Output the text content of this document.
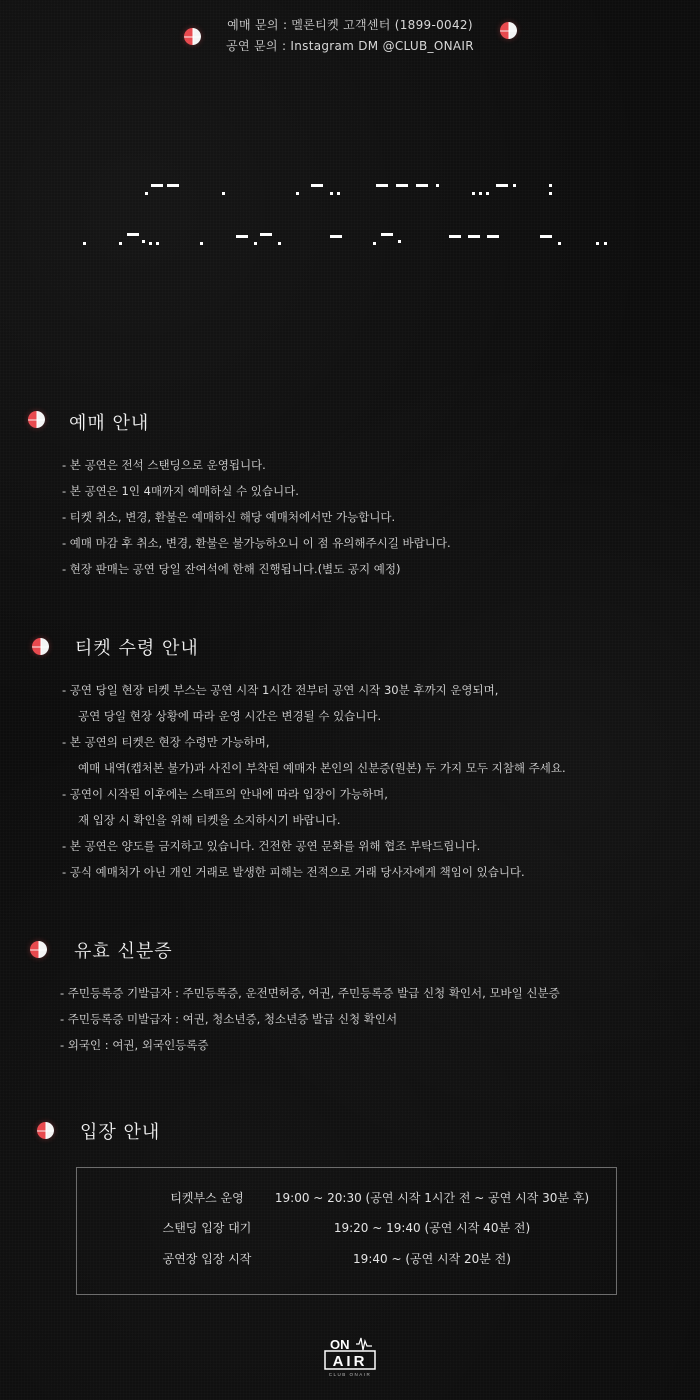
예매 문의 : 멜론티켓 고객센터 (1899-0042)
공연 문의 : Instagram DM @CLUB_ONAIR
예매 안내
- 본 공연은 전석 스탠딩으로 운영됩니다.
- 본 공연은 1인 4매까지 예매하실 수 있습니다.
- 티켓 취소, 변경, 환불은 예매하신 해당 예매처에서만 가능합니다.
- 예매 마감 후 취소, 변경, 환불은 불가능하오니 이 점 유의해주시길 바랍니다.
- 현장 판매는 공연 당일 잔여석에 한해 진행됩니다.(별도 공지 예정)
티켓 수령 안내
- 공연 당일 현장 티켓 부스는 공연 시작 1시간 전부터 공연 시작 30분 후까지 운영되며,
공연 당일 현장 상황에 따라 운영 시간은 변경될 수 있습니다.
- 본 공연의 티켓은 현장 수령만 가능하며,
예매 내역(캡처본 불가)과 사진이 부착된 예매자 본인의 신분증(원본) 두 가지 모두 지참해 주세요.
- 공연이 시작된 이후에는 스태프의 안내에 따라 입장이 가능하며,
재 입장 시 확인을 위해 티켓을 소지하시기 바랍니다.
- 본 공연은 양도를 금지하고 있습니다. 건전한 공연 문화를 위해 협조 부탁드립니다.
- 공식 예매처가 아닌 개인 거래로 발생한 피해는 전적으로 거래 당사자에게 책임이 있습니다.
유효 신분증
- 주민등록증 기발급자 : 주민등록증, 운전면허증, 여권, 주민등록증 발급 신청 확인서, 모바일 신분증
- 주민등록증 미발급자 : 여권, 청소년증, 청소년증 발급 신청 확인서
- 외국인 : 여권, 외국인등록증
입장 안내
티켓부스 운영	19:00 ~ 20:30 (공연 시작 1시간 전 ~ 공연 시작 30분 후)
스탠딩 입장 대기	19:20 ~ 19:40 (공연 시작 40분 전)
공연장 입장 시작	19:40 ~ (공연 시작 20분 전)
ON
AIR
CLUB ONAIR
